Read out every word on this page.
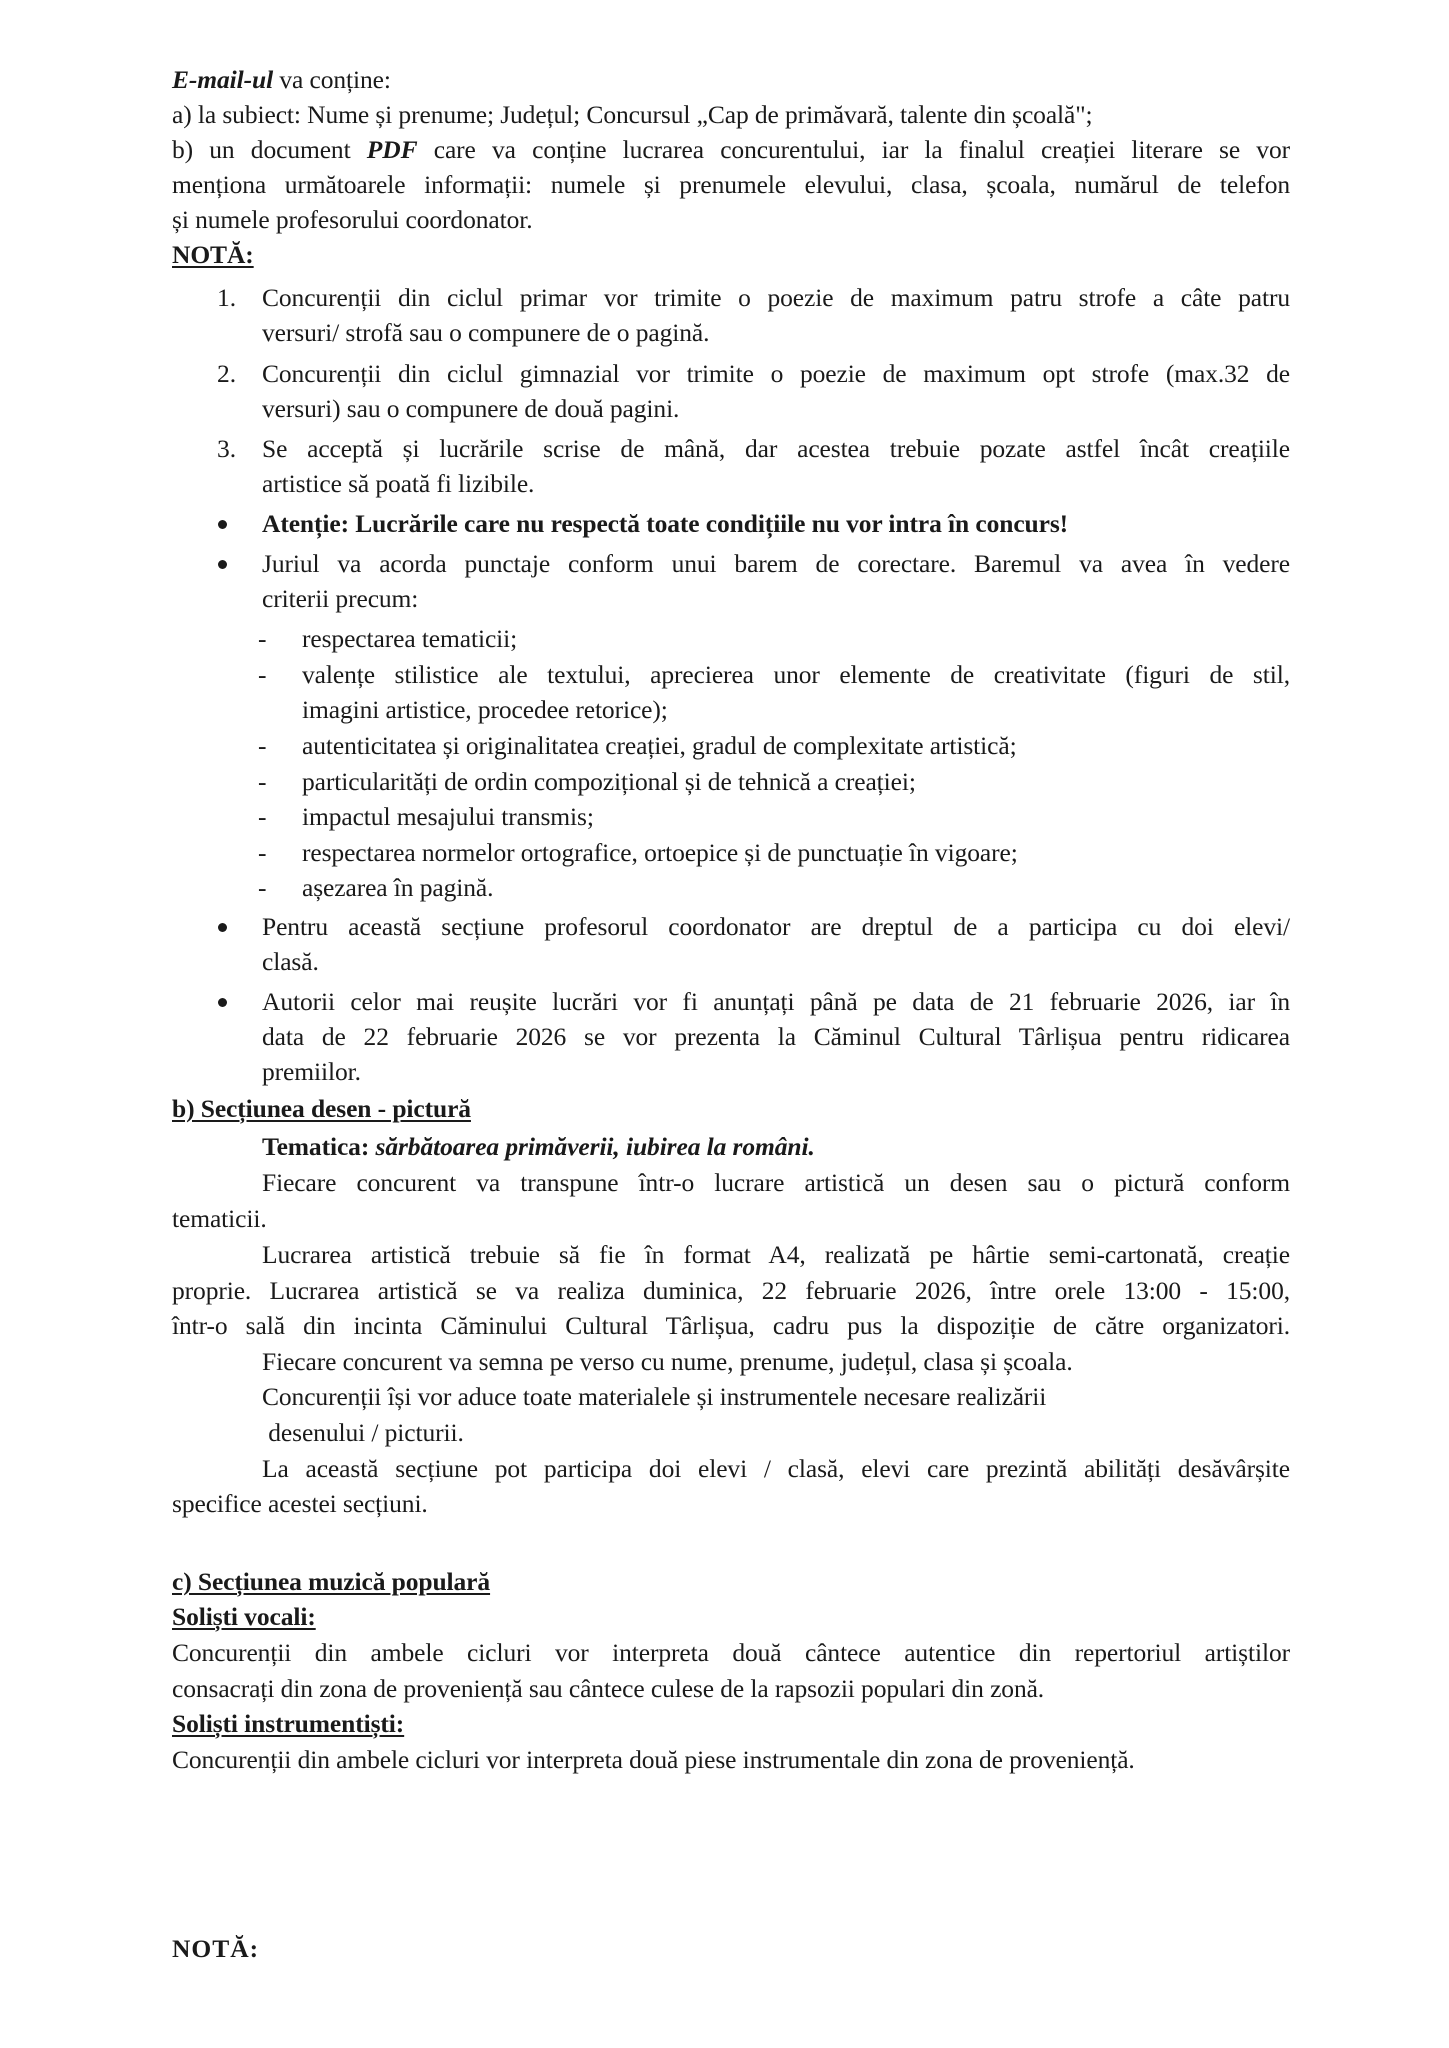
E-mail-ul va conține:
a) la subiect: Nume și prenume; Județul; Concursul „Cap de primăvară, talente din școală";
b) un document PDF care va conține lucrarea concurentului, iar la finalul creației literare se vor
menționa următoarele informații: numele și prenumele elevului, clasa, școala, numărul de telefon
și numele profesorului coordonator.
NOTĂ:
1. Concurenții din ciclul primar vor trimite o poezie de maximum patru strofe a câte patru
versuri/ strofă sau o compunere de o pagină.
2. Concurenții din ciclul gimnazial vor trimite o poezie de maximum opt strofe (max.32 de
versuri) sau o compunere de două pagini.
3. Se acceptă și lucrările scrise de mână, dar acestea trebuie pozate astfel încât creațiile
artistice să poată fi lizibile.
Atenție: Lucrările care nu respectă toate condițiile nu vor intra în concurs!
Juriul va acorda punctaje conform unui barem de corectare. Baremul va avea în vedere
criterii precum:
- respectarea tematicii;
- valențe stilistice ale textului, aprecierea unor elemente de creativitate (figuri de stil,
imagini artistice, procedee retorice);
- autenticitatea și originalitatea creației, gradul de complexitate artistică;
- particularități de ordin compozițional și de tehnică a creației;
- impactul mesajului transmis;
- respectarea normelor ortografice, ortoepice și de punctuație în vigoare;
- așezarea în pagină.
Pentru această secțiune profesorul coordonator are dreptul de a participa cu doi elevi/
clasă.
Autorii celor mai reușite lucrări vor fi anunțați până pe data de 21 februarie 2026, iar în
data de 22 februarie 2026 se vor prezenta la Căminul Cultural Târlișua pentru ridicarea
premiilor.
b) Secțiunea desen - pictură
Tematica: sărbătoarea primăverii, iubirea la români.
Fiecare concurent va transpune într-o lucrare artistică un desen sau o pictură conform
tematicii.
Lucrarea artistică trebuie să fie în format A4, realizată pe hârtie semi-cartonată, creație
proprie. Lucrarea artistică se va realiza duminica, 22 februarie 2026, între orele 13:00 - 15:00,
într-o sală din incinta Căminului Cultural Târlișua, cadru pus la dispoziție de către organizatori.
Fiecare concurent va semna pe verso cu nume, prenume, județul, clasa și școala.
Concurenții își vor aduce toate materialele și instrumentele necesare realizării
desenului / picturii.
La această secțiune pot participa doi elevi / clasă, elevi care prezintă abilități desăvârșite
specifice acestei secțiuni.
c) Secțiunea muzică populară
Soliști vocali:
Concurenții din ambele cicluri vor interpreta două cântece autentice din repertoriul artiștilor
consacrați din zona de proveniență sau cântece culese de la rapsozii populari din zonă.
Soliști instrumentiști:
Concurenții din ambele cicluri vor interpreta două piese instrumentale din zona de proveniență.
NOTĂ:
